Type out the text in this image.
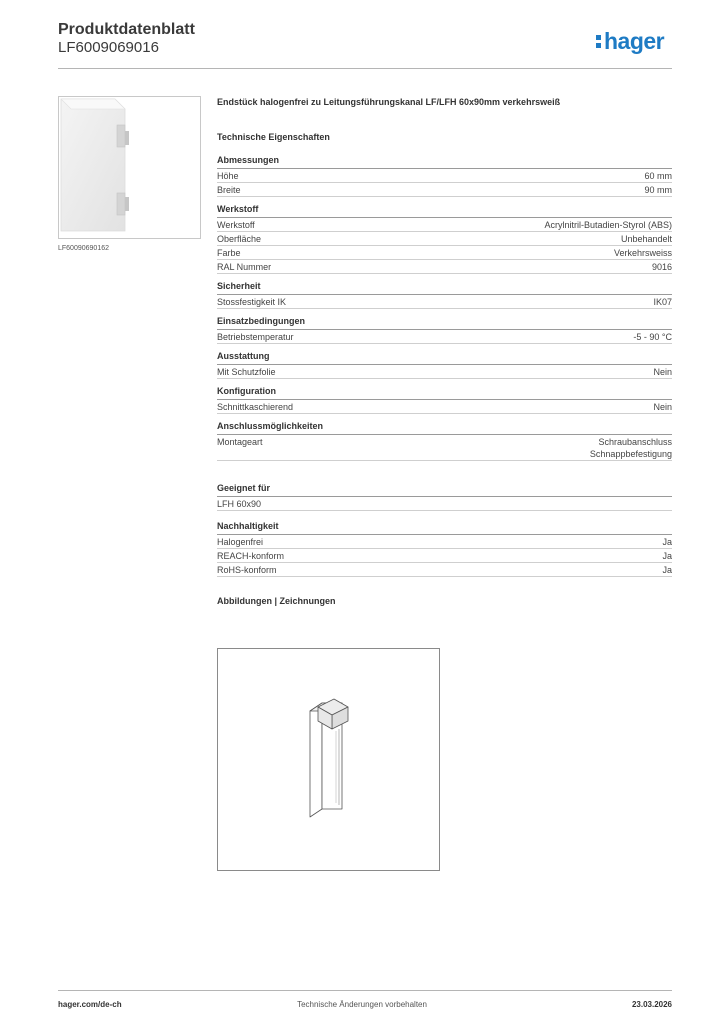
Produktdatenblatt
LF6009069016	hager
LF60090690162
Endstück halogenfrei zu Leitungsführungskanal LF/LFH 60x90mm verkehrsweiß
Technische Eigenschaften
Abmessungen
Höhe	60 mm
Breite	90 mm
Werkstoff
Werkstoff	Acrylnitril-Butadien-Styrol (ABS)
Oberfläche	Unbehandelt
Farbe	Verkehrsweiss
RAL Nummer	9016
Sicherheit
Stossfestigkeit IK	IK07
Einsatzbedingungen
Betriebstemperatur	-5 - 90 °C
Ausstattung
Mit Schutzfolie	Nein
Konfiguration
Schnittkaschierend	Nein
Anschlussmöglichkeiten
Montageart	Schraubanschluss
Schnappbefestigung
Geeignet für
LFH 60x90
Nachhaltigkeit
Halogenfrei	Ja
REACH-konform	Ja
RoHS-konform	Ja
Abbildungen | Zeichnungen
hager.com/de-ch	Technische Änderungen vorbehalten	23.03.2026
